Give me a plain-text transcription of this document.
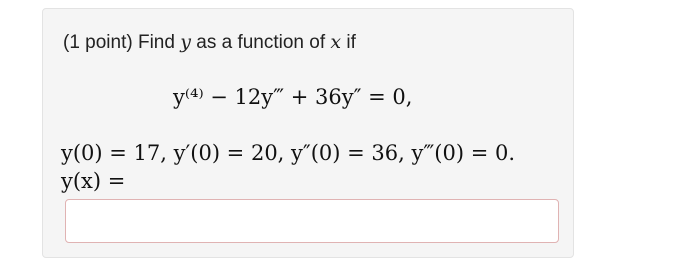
(1 point) Find y as a function of x if
y⁽⁴⁾ − 12y‴ + 36y″ = 0,
y(0) = 17, y′(0) = 20, y″(0) = 36, y‴(0) = 0.
y(x) =
